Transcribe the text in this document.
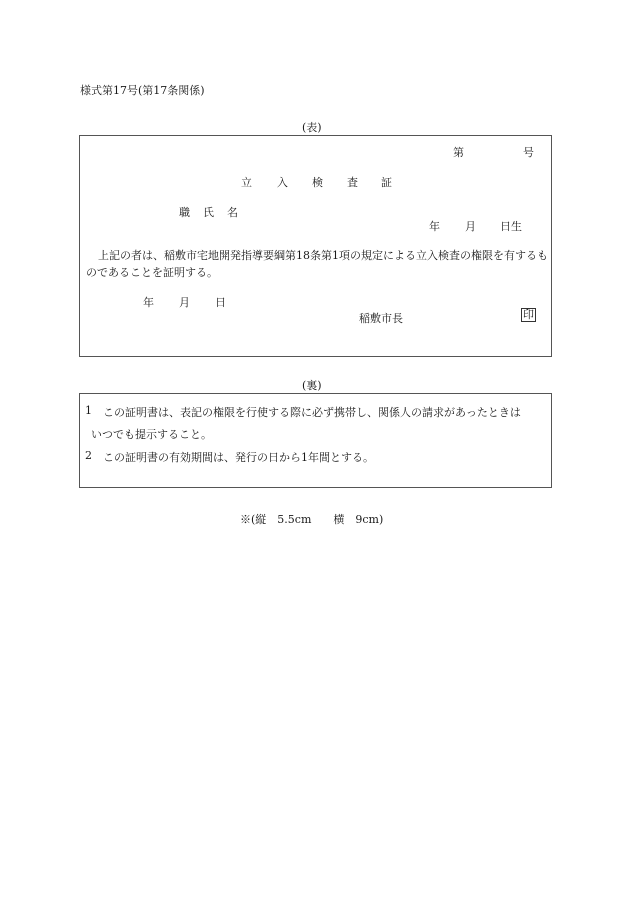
様式第17号(第17条関係)
(表)
第	号
立 入 検 査 証
職 氏 名
年 月 日生
上記の者は、稲敷市宅地開発指導要綱第18条第1項の規定による立入検査の権限を有するものであることを証明する。
年 月 日
稲敷市長	印
(裏)
1 この証明書は、表記の権限を行使する際に必ず携帯し、関係人の請求があったときは
いつでも提示すること。
2 この証明書の有効期間は、発行の日から1年間とする。
※(縦　5.5cm　　横　9cm)
